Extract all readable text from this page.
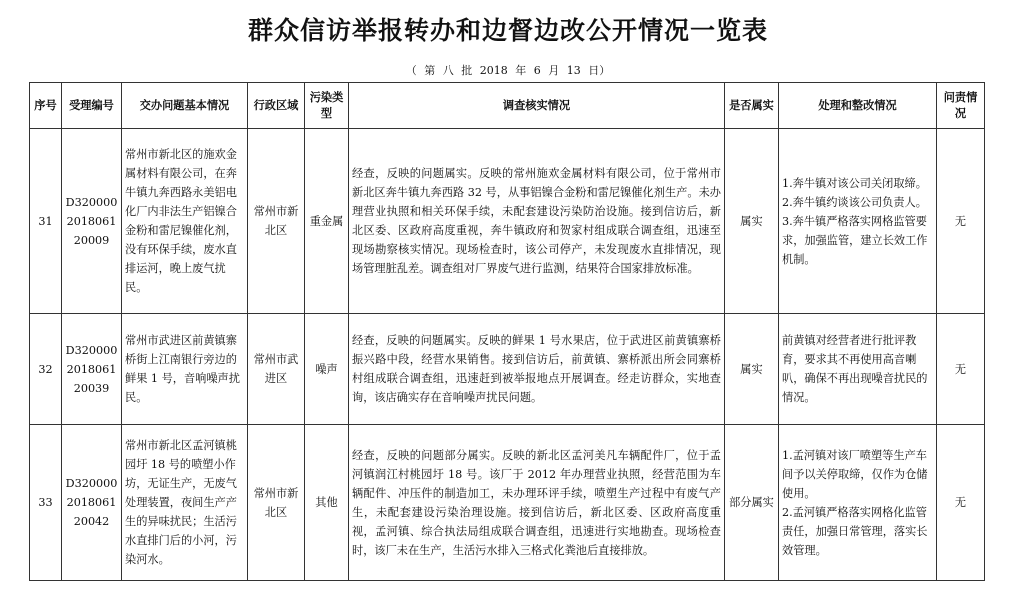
群众信访举报转办和边督边改公开情况一览表
（ 第 八 批 2018 年 6 月 13 日）
序号	受理编号	交办问题基本情况	行政区域	污染类型	调查核实情况	是否属实	处理和整改情况	问责情况
31	D320000201806120009	常州市新北区的施欢金属材料有限公司，在奔牛镇九奔西路永美铝电化厂内非法生产铝镍合金粉和雷尼镍催化剂，没有环保手续，废水直排运河，晚上废气扰民。	常州市新北区	重金属	经查，反映的问题属实。反映的常州施欢金属材料有限公司，位于常州市新北区奔牛镇九奔西路 32 号，从事铝镍合金粉和雷尼镍催化剂生产。未办理营业执照和相关环保手续，未配套建设污染防治设施。接到信访后，新北区委、区政府高度重视，奔牛镇政府和贺家村组成联合调查组，迅速至现场勘察核实情况。现场检查时，该公司停产，未发现废水直排情况，现场管理脏乱差。调查组对厂界废气进行监测，结果符合国家排放标准。	属实	1.奔牛镇对该公司关闭取缔。
2.奔牛镇约谈该公司负责人。
3.奔牛镇严格落实网格监管要求，加强监管，建立长效工作机制。	无
32	D320000201806120039	常州市武进区前黄镇寨桥街上江南银行旁边的鲜果 1 号，音响噪声扰民。	常州市武进区	噪声	经查，反映的问题属实。反映的鲜果 1 号水果店，位于武进区前黄镇寨桥振兴路中段，经营水果销售。接到信访后，前黄镇、寨桥派出所会同寨桥村组成联合调查组，迅速赶到被举报地点开展调查。经走访群众，实地查询，该店确实存在音响噪声扰民问题。	属实	前黄镇对经营者进行批评教育，要求其不再使用高音喇叭，确保不再出现噪音扰民的情况。	无
33	D320000201806120042	常州市新北区孟河镇桃园圩 18 号的喷塑小作坊，无证生产，无废气处理装置，夜间生产产生的异味扰民；生活污水直排门后的小河，污染河水。	常州市新北区	其他	经查，反映的问题部分属实。反映的新北区孟河美凡车辆配件厂，位于孟河镇润江村桃园圩 18 号。该厂于 2012 年办理营业执照，经营范围为车辆配件、冲压件的制造加工，未办理环评手续，喷塑生产过程中有废气产生，未配套建设污染治理设施。接到信访后，新北区委、区政府高度重视，孟河镇、综合执法局组成联合调查组，迅速进行实地勘查。现场检查时，该厂未在生产，生活污水排入三格式化粪池后直接排放。	部分属实	1.孟河镇对该厂喷塑等生产车间予以关停取缔，仅作为仓储使用。
2.孟河镇严格落实网格化监管责任，加强日常管理，落实长效管理。	无
